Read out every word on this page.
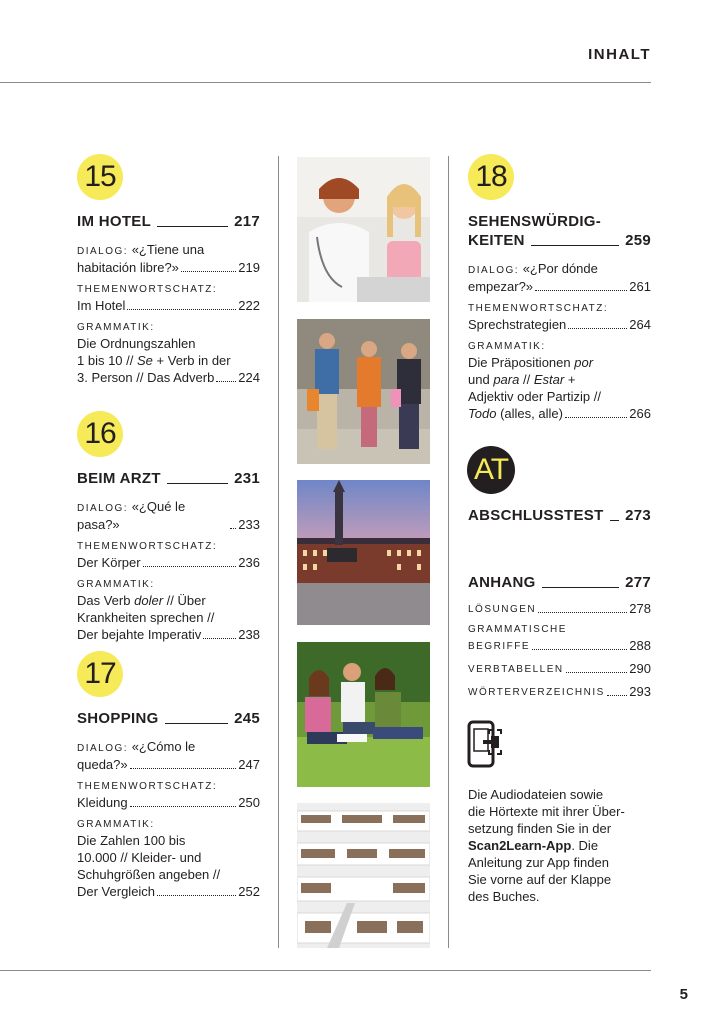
INHALT
5
15
IM HOTEL	217
DIALOG: «¿Tiene una
habitación libre?»	219
THEMENWORTSCHATZ:
Im Hotel	222
GRAMMATIK:
Die Ordnungszahlen
1 bis 10 // Se + Verb in der
3. Person // Das Adverb 224
16
BEIM ARZT	231
DIALOG: «¿Qué le pasa?»	233
THEMENWORTSCHATZ:
Der Körper	236
GRAMMATIK:
Das Verb doler // Über
Krankheiten sprechen //
Der bejahte Imperativ	238
17
SHOPPING	245
DIALOG: «¿Cómo le
queda?»	247
THEMENWORTSCHATZ:
Kleidung	250
GRAMMATIK:
Die Zahlen 100 bis
10.000 // Kleider- und
Schuhgrößen angeben //
Der Vergleich	252
18
SEHENSWÜRDIG-
KEITEN	259
DIALOG: «¿Por dónde
empezar?»	261
THEMENWORTSCHATZ:
Sprechstrategien	264
GRAMMATIK:
Die Präpositionen por
und para // Estar +
Adjektiv oder Partizip //
Todo (alles, alle)	266
AT
ABSCHLUSSTEST 273
ANHANG	277
LÖSUNGEN	278
GRAMMATISCHE
BEGRIFFE	288
VERBTABELLEN	290
WÖRTERVERZEICHNIS 293
Die Audiodateien sowie
die Hörtexte mit ihrer Über-
setzung finden Sie in der
Scan2Learn-App. Die
Anleitung zur App finden
Sie vorne auf der Klappe
des Buches.
